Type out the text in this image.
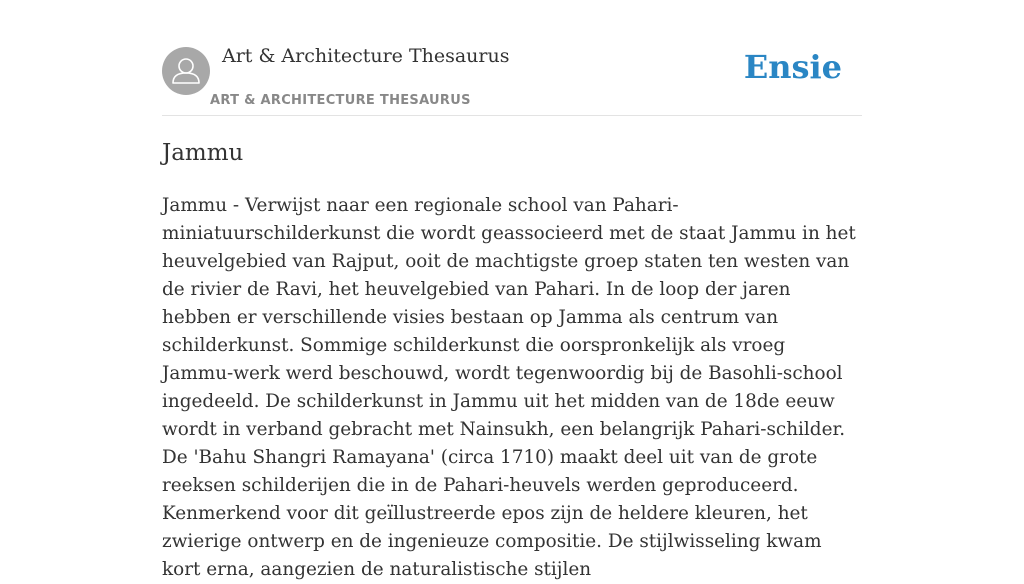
Art & Architecture Thesaurus
ART & ARCHITECTURE THESAURUS
Ensie
Jammu

Jammu - Verwijst naar een regionale school van Pahari-miniatuurschilderkunst die wordt geassocieerd met de staat Jammu in het heuvelgebied van Rajput, ooit de machtigste groep staten ten westen van de rivier de Ravi, het heuvelgebied van Pahari. In de loop der jaren hebben er verschillende visies bestaan op Jamma als centrum van schilderkunst. Sommige schilderkunst die oorspronkelijk als vroeg Jammu-werk werd beschouwd, wordt tegenwoordig bij de Basohli-school ingedeeld. De schilderkunst in Jammu uit het midden van de 18de eeuw wordt in verband gebracht met Nainsukh, een belangrijk Pahari-schilder. De 'Bahu Shangri Ramayana' (circa 1710) maakt deel uit van de grote reeksen schilderijen die in de Pahari-heuvels werden geproduceerd. Kenmerkend voor dit geïllustreerde epos zijn de heldere kleuren, het zwierige ontwerp en de ingenieuze compositie. De stijlwisseling kwam kort erna, aangezien de naturalistische stijlen
